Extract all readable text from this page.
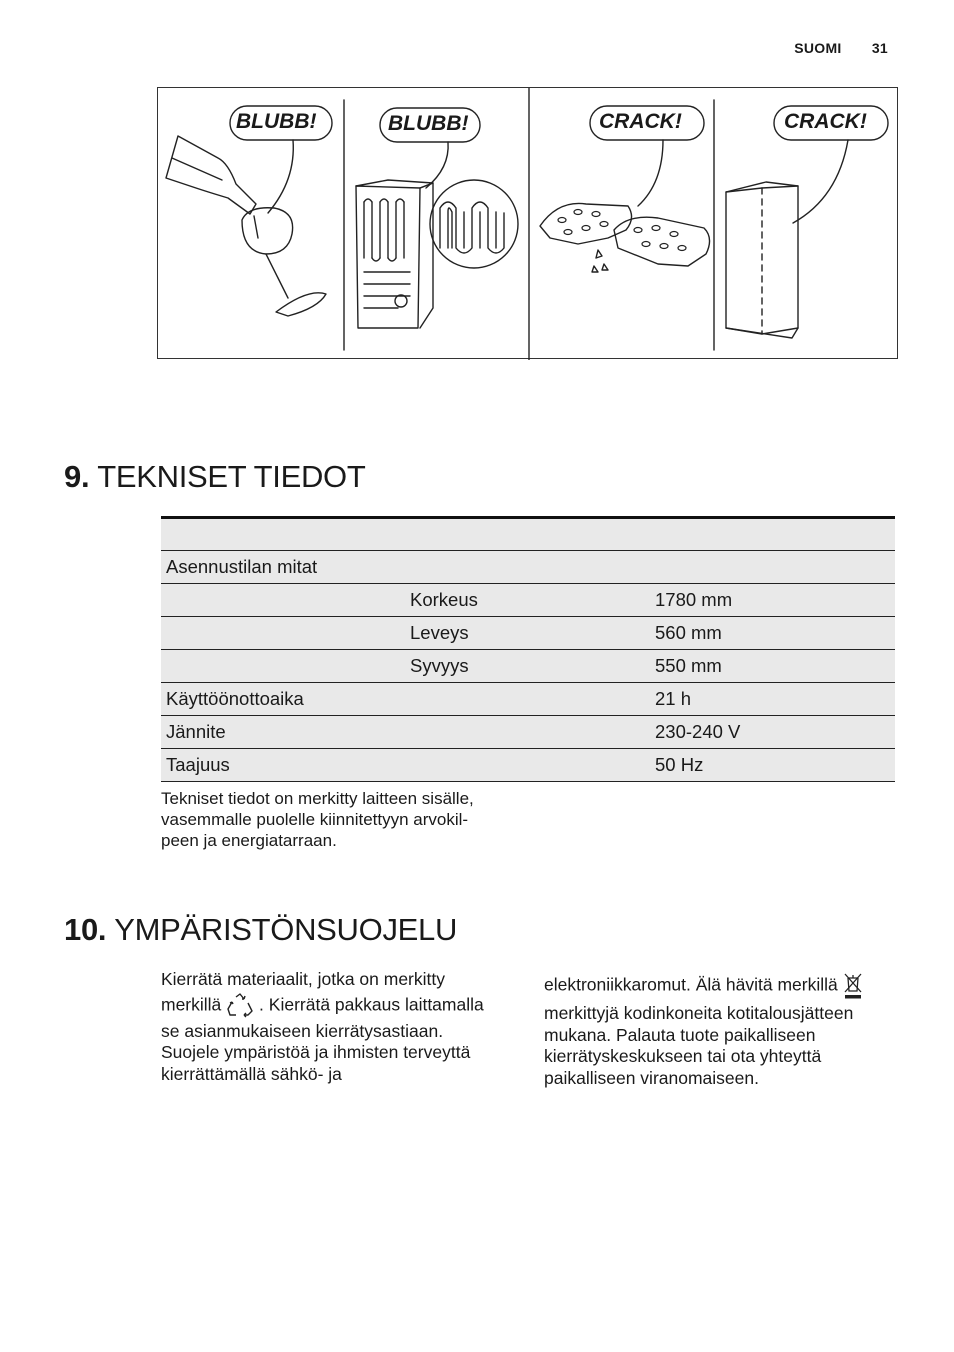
SUOMI 31
BLUBB!	BLUBB!	CRACK!	CRACK!
9. TEKNISET TIEDOT

Asennustilan mitat		
	Korkeus	1780 mm
	Leveys	560 mm
	Syvyys	550 mm
Käyttöönottoaika		21 h
Jännite		230-240 V
Taajuus		50 Hz
Tekniset tiedot on merkitty laitteen sisälle,
vasemmalle puolelle kiinnitettyyn arvokil-
peen ja energiatarraan.
10. YMPÄRISTÖNSUOJELU

Kierrätä materiaalit, jotka on merkitty

merkillä . Kierrätä pakkaus laittamalla

se asianmukaiseen kierrätysastiaan.

Suojele ympäristöä ja ihmisten terveyttä

kierrättämällä sähkö- ja

elektroniikkaromut. Älä hävitä merkillä

merkittyjä kodinkoneita kotitalousjätteen

mukana. Palauta tuote paikalliseen

kierrätyskeskukseen tai ota yhteyttä

paikalliseen viranomaiseen.
